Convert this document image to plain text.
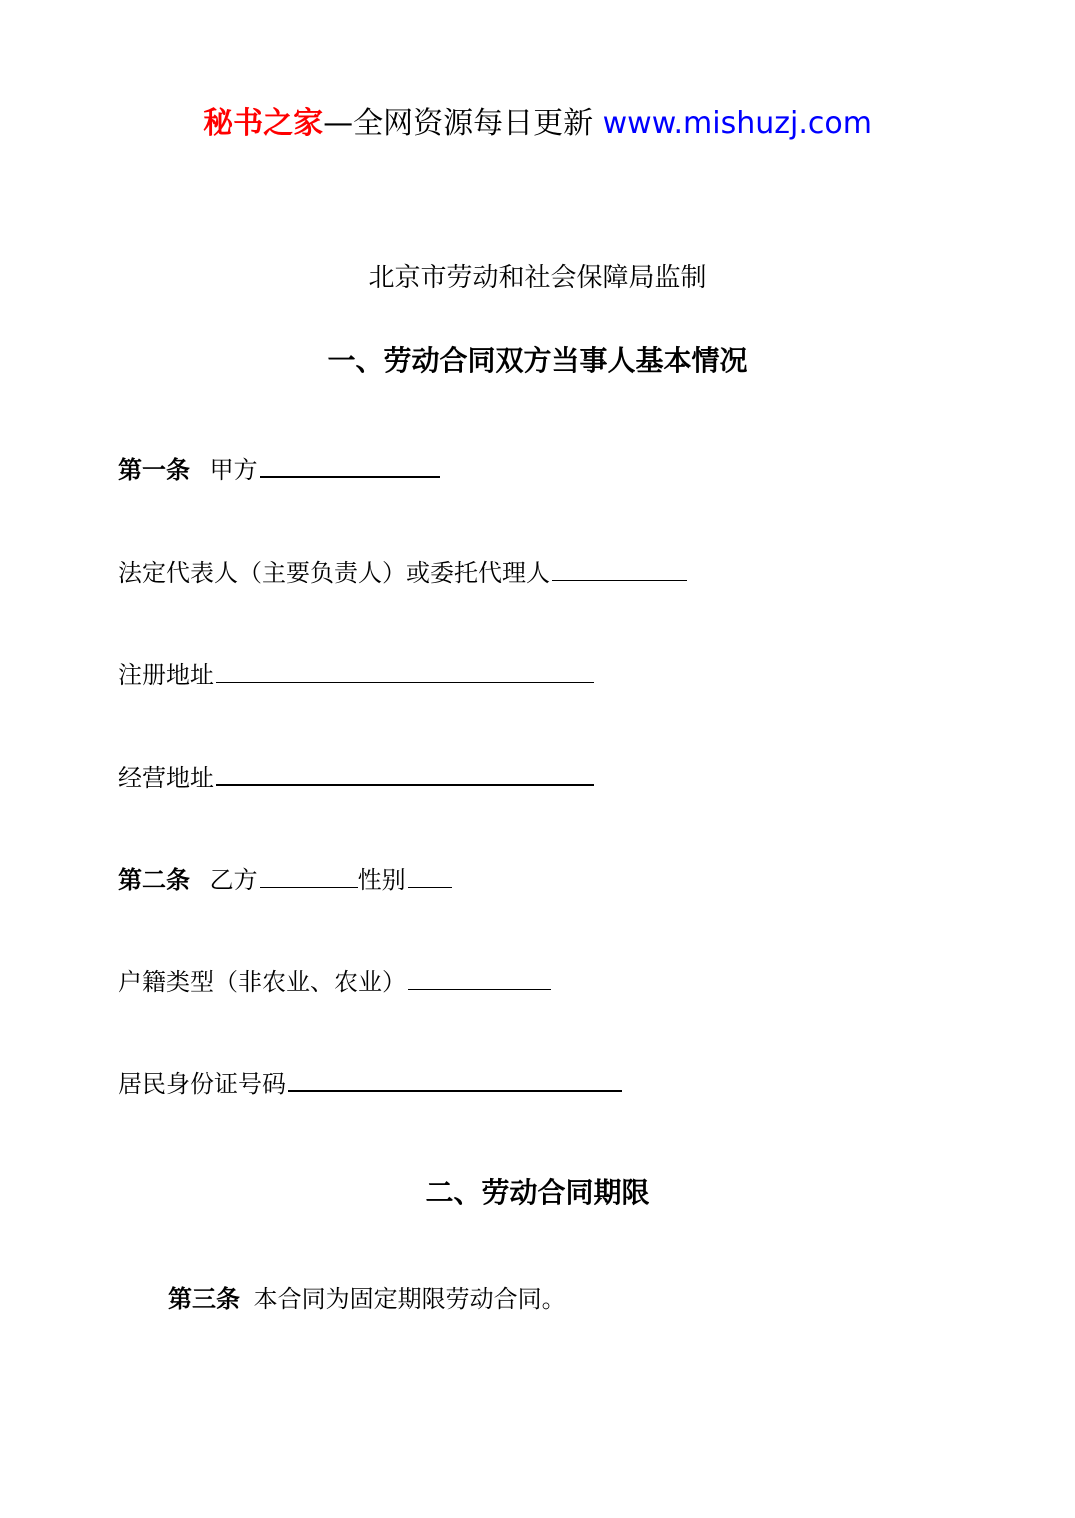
秘书之家—全网资源每日更新 www.mishuzj.com
北京市劳动和社会保障局监制
一、劳动合同双方当事人基本情况
第一条 甲方
法定代表人（主要负责人）或委托代理人
注册地址
经营地址
第二条 乙方	性别
户籍类型（非农业、农业）
居民身份证号码
二、劳动合同期限
第三条 本合同为固定期限劳动合同。
